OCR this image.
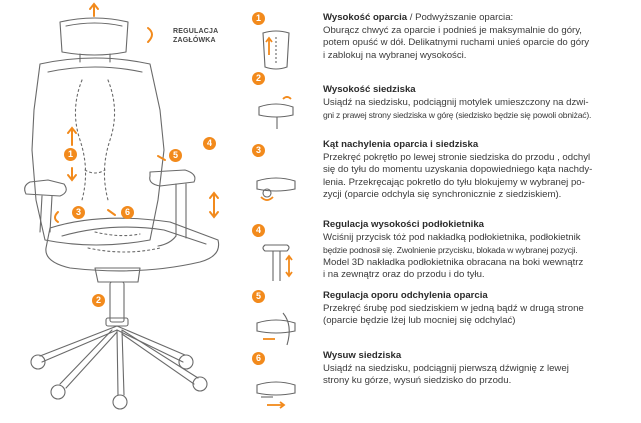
REGULACJA
ZAGŁÓWKA
1
2
3
4
5
6
1	Wysokość oparcia / Podwyższanie oparcia:
Oburącz chwyć za oparcie i podnieś je maksymalnie do góry,
potem opuść w dół. Delikatnymi ruchami unieś oparcie do góry
i zablokuj na wybranej wysokości.
2
Wysokość siedziska
Usiądź na siedzisku, podciągnij motylek umieszczony na dzwi-
gni z prawej strony siedziska w górę (siedzisko będzie się powoli obniżać).
3	Kąt nachylenia oparcia i siedziska
Przekręć pokrętło po lewej stronie siedziska do przodu , odchyl
się do tyłu do momentu uzyskania dopowiedniego kąta nachdy-
lenia. Przekręcając pokretło do tyłu blokujemy w wybranej po-
zycji (oparcie odchyla się synchronicznie z siedziskiem).
4	Regulacja wysokości podłokietnika
Wciśnij przycisk tóż pod nakładką podłokietnika, podłokietnik
będzie podnosił się. Zwolnienie przycisku, blokada w wybranej pozycji.
Model 3D nakładka podłokietnika obracana na boki wewnątrz
i na zewnątrz oraz do przodu i do tyłu.
5	Regulacja oporu odchylenia oparcia
Przekręć śrubę pod siedziskiem w jedną bądź w drugą strone
(oparcie będzie lżej lub mocniej się odchylać)
6	Wysuw siedziska
Usiądź na siedzisku, podciągnij pierwszą dźwignię z lewej
strony ku górze, wysuń siedzisko do przodu.
